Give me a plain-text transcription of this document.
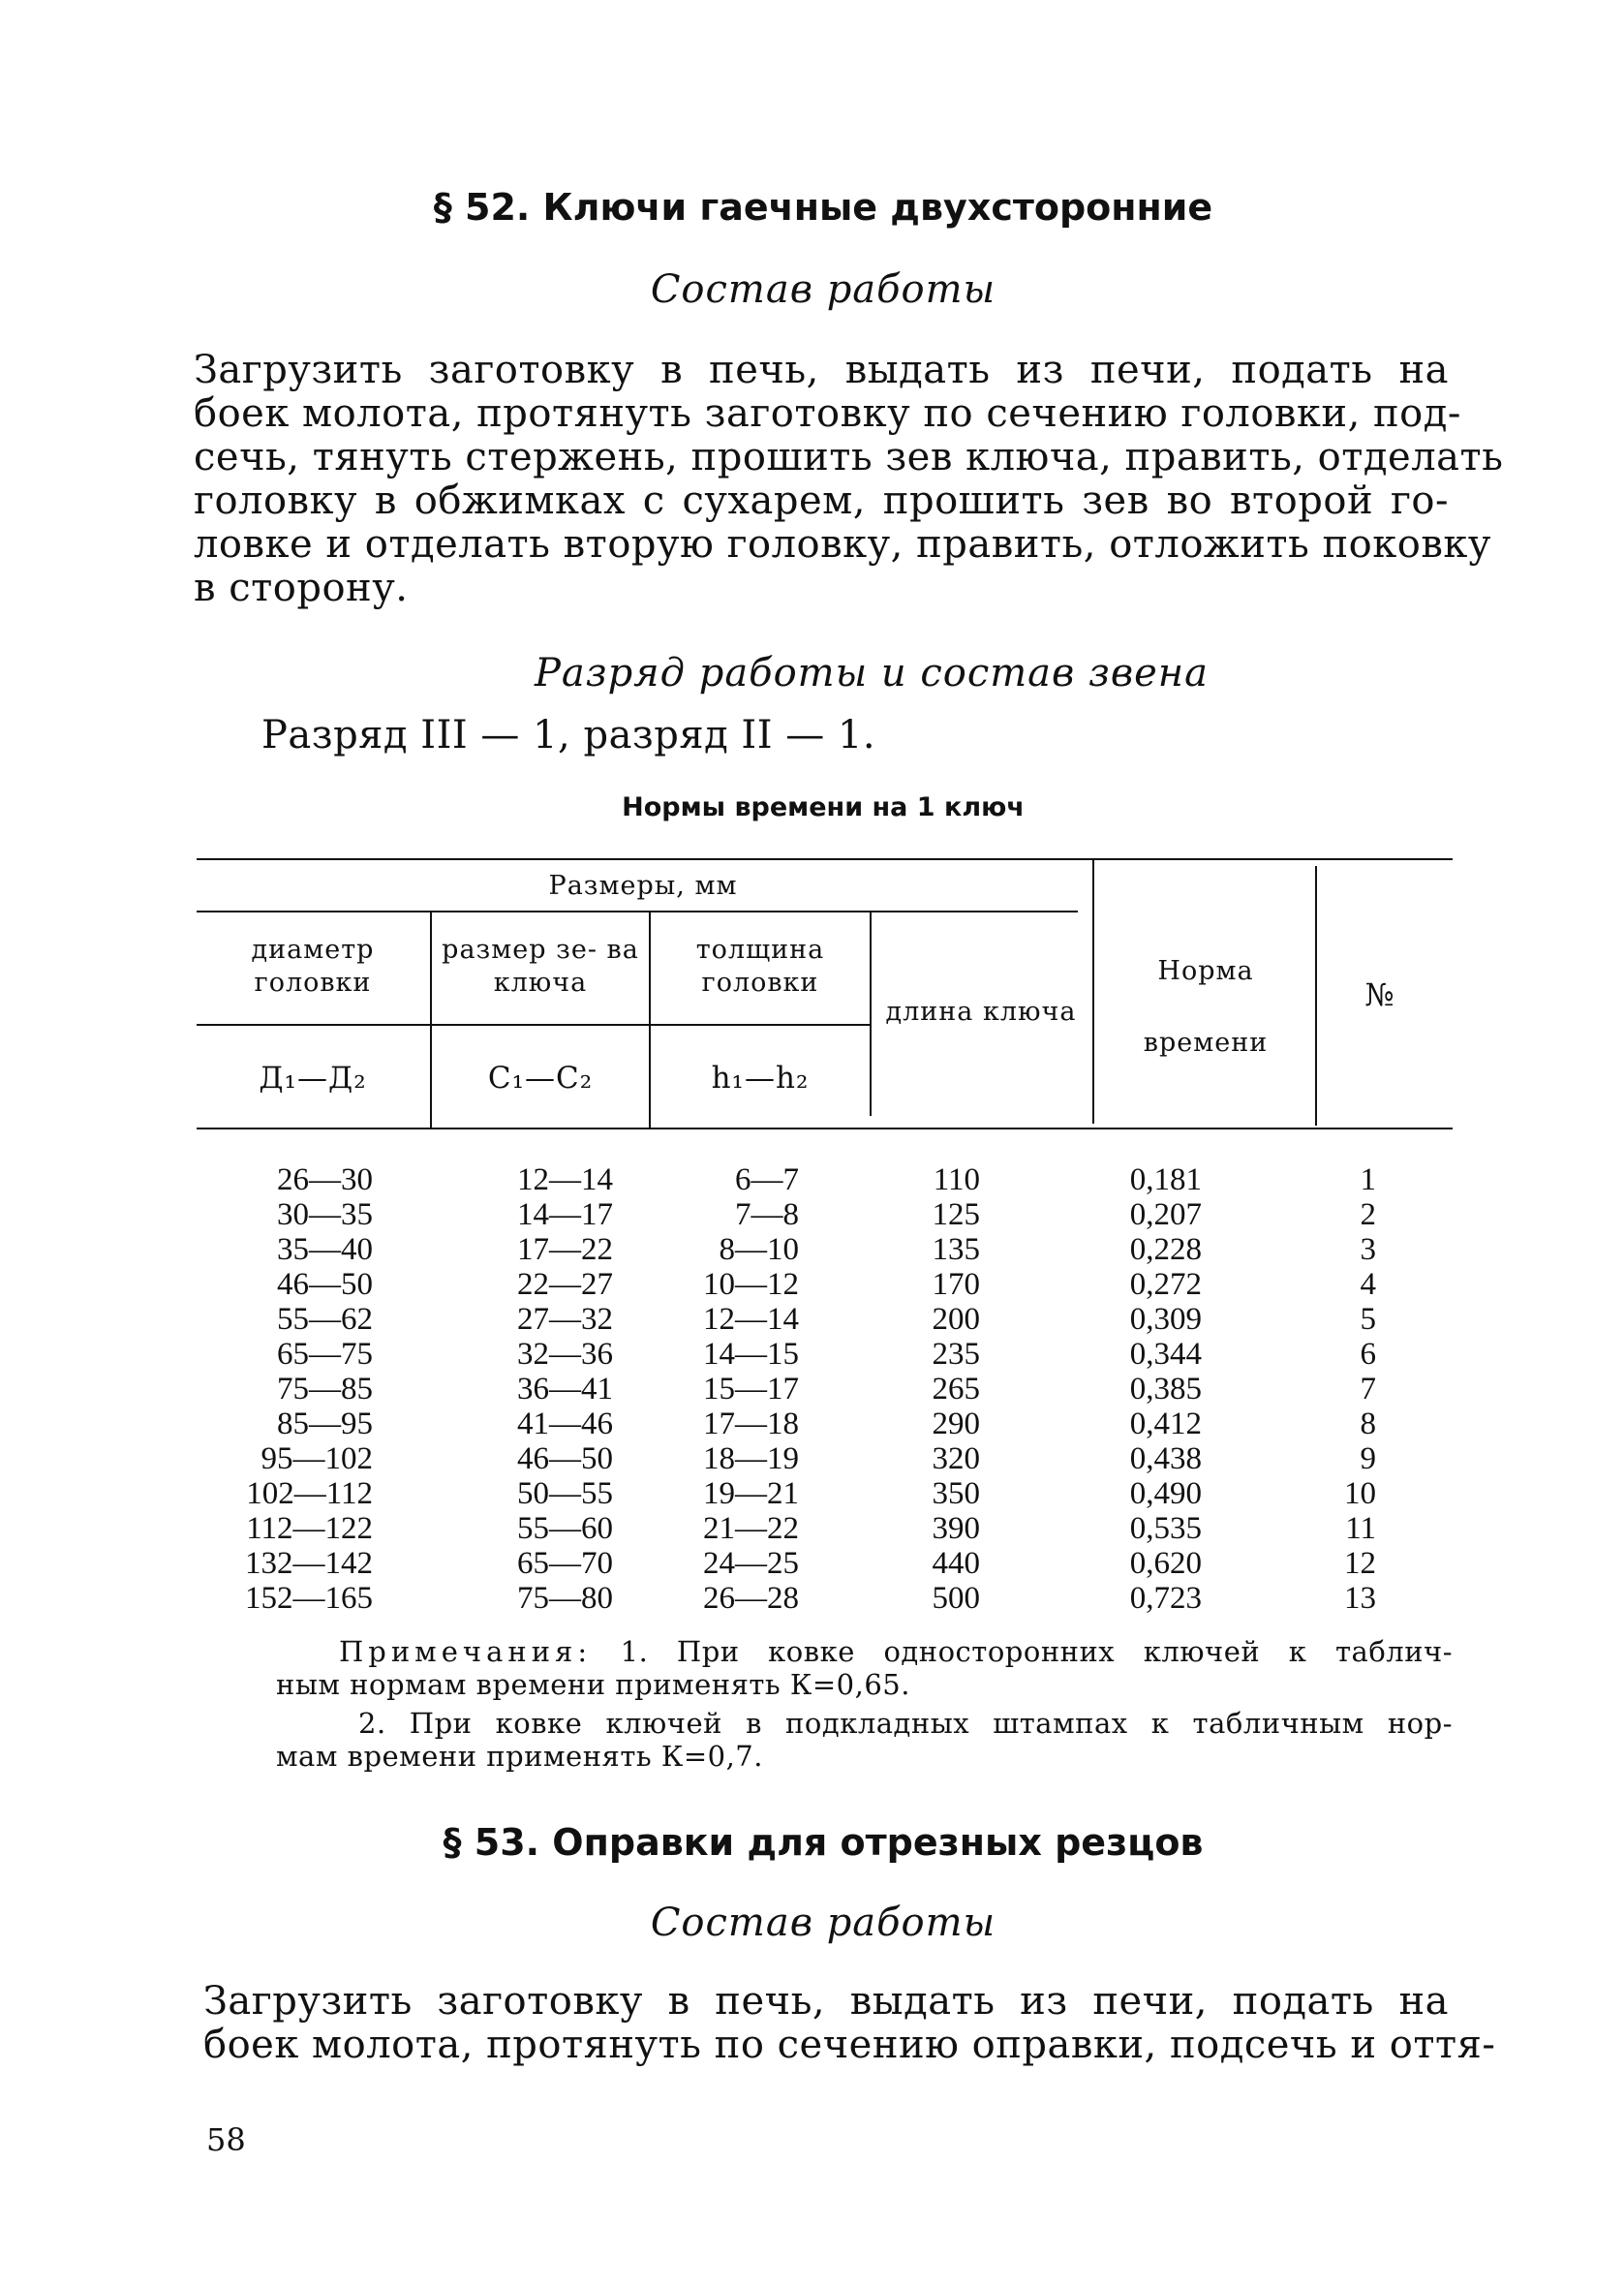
§ 52. Ключи гаечные двухсторонние
Состав работы
Загрузить заготовку в печь, выдать из печи, подать на
боек молота, протянуть заготовку по сечению головки, под-
сечь, тянуть стержень, прошить зев ключа, править, отделать
головку в обжимках с сухарем, прошить зев во второй го-
ловке и отделать вторую головку, править, отложить поковку
в сторону.
Разряд работы и состав звена
Разряд III — 1, разряд II — 1.
Нормы времени на 1 ключ
Размеры, мм
диаметр головки
размер зе- ва ключа
толщина головки
длина ключа
Норма времени
№
Д₁—Д₂	С₁—С₂	h₁—h₂
26—30	12—14	6—7	110	0,181	1
30—35	14—17	7—8	125	0,207	2
35—40	17—22	8—10	135	0,228	3
46—50	22—27	10—12	170	0,272	4
55—62	27—32	12—14	200	0,309	5
65—75	32—36	14—15	235	0,344	6
75—85	36—41	15—17	265	0,385	7
85—95	41—46	17—18	290	0,412	8
95—102	46—50	18—19	320	0,438	9
102—112	50—55	19—21	350	0,490	10
112—122	55—60	21—22	390	0,535	11
132—142	65—70	24—25	440	0,620	12
152—165	75—80	26—28	500	0,723	13
Примечания: 1. При ковке односторонних ключей к таблич-
ным нормам времени применять К=0,65.
2. При ковке ключей в подкладных штампах к табличным нор-
мам времени применять К=0,7.
§ 53. Оправки для отрезных резцов
Состав работы
Загрузить заготовку в печь, выдать из печи, подать на
боек молота, протянуть по сечению оправки, подсечь и оття-
58
